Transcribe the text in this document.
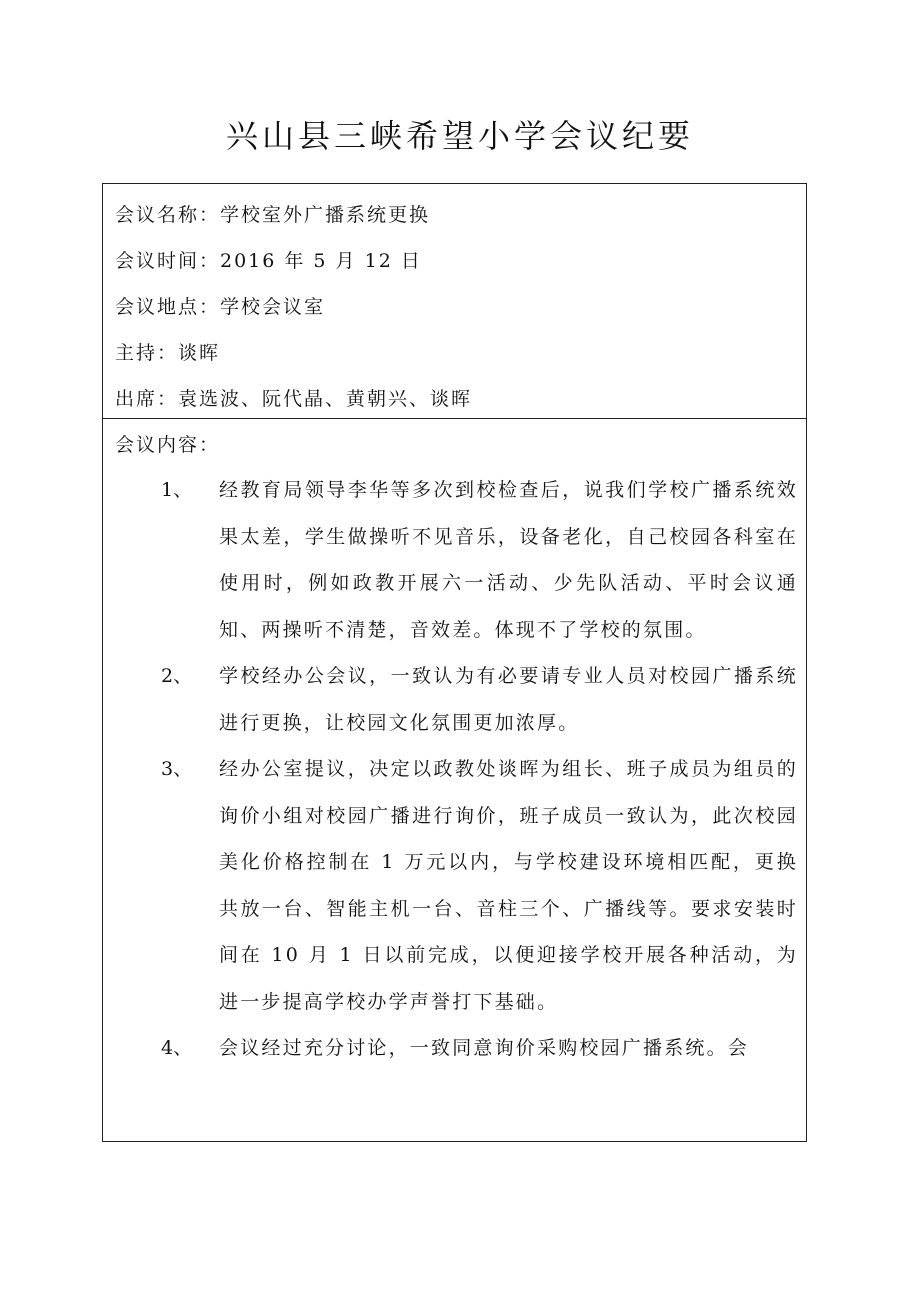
兴山县三峡希望小学会议纪要
会议名称：学校室外广播系统更换
会议时间：2016 年 5 月 12 日
会议地点：学校会议室
主持：谈晖
出席：袁选波、阮代晶、黄朝兴、谈晖
会议内容：
1、	经教育局领导李华等多次到校检查后，说我们学校广播系统效果太差，学生做操听不见音乐，设备老化，自己校园各科室在使用时，例如政教开展六一活动、少先队活动、平时会议通知、两操听不清楚，音效差。体现不了学校的氛围。
2、	学校经办公会议，一致认为有必要请专业人员对校园广播系统进行更换，让校园文化氛围更加浓厚。
3、	经办公室提议，决定以政教处谈晖为组长、班子成员为组员的询价小组对校园广播进行询价，班子成员一致认为，此次校园美化价格控制在 1 万元以内，与学校建设环境相匹配，更换共放一台、智能主机一台、音柱三个、广播线等。要求安装时间在 10 月 1 日以前完成，以便迎接学校开展各种活动，为进一步提高学校办学声誉打下基础。
4、	会议经过充分讨论，一致同意询价采购校园广播系统。会
